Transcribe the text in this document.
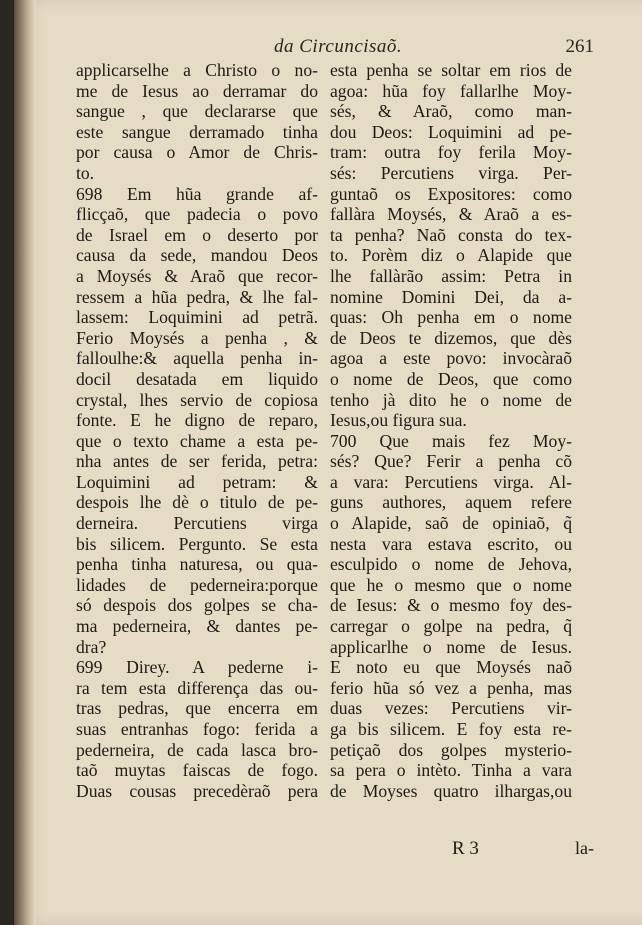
da Circuncisaõ.	261
applicarselhe a Christo o no-
me de Iesus ao derramar do
sangue , que declararse que
este sangue derramado tinha
por causa o Amor de Chris-
to.
698 Em hũa grande af-
flicçaõ, que padecia o povo
de Israel em o deserto por
causa da sede, mandou Deos
a Moysés & Araõ que recor-
ressem a hũa pedra, & lhe fal-
lassem: Loquimini ad petrã.
Ferio Moysés a penha , &
falloulhe:& aquella penha in-
docil desatada em liquido
crystal, lhes servio de copiosa
fonte. E he digno de reparo,
que o texto chame a esta pe-
nha antes de ser ferida, petra:
Loquimini ad petram: &
despois lhe dè o titulo de pe-
derneira. Percutiens virga
bis silicem. Pergunto. Se esta
penha tinha naturesa, ou qua-
lidades de pederneira:porque
só despois dos golpes se cha-
ma pederneira, & dantes pe-
dra?
699 Direy. A pederne i-
ra tem esta differença das ou-
tras pedras, que encerra em
suas entranhas fogo: ferida a
pederneira, de cada lasca bro-
taõ muytas faiscas de fogo.
Duas cousas precedèraõ pera
esta penha se soltar em rios de
agoa: hũa foy fallarlhe Moy-
sés, & Araõ, como man-
dou Deos: Loquimini ad pe-
tram: outra foy ferila Moy-
sés: Percutiens virga. Per-
guntaõ os Expositores: como
fallàra Moysés, & Araõ a es-
ta penha? Naõ consta do tex-
to. Porèm diz o Alapide que
lhe fallàrão assim: Petra in
nomine Domini Dei, da a-
quas: Oh penha em o nome
de Deos te dizemos, que dès
agoa a este povo: invocàraõ
o nome de Deos, que como
tenho jà dito he o nome de
Iesus,ou figura sua.
700 Que mais fez Moy-
sés? Que? Ferir a penha cõ
a vara: Percutiens virga. Al-
guns authores, aquem refere
o Alapide, saõ de opiniaõ, q̃
nesta vara estava escrito, ou
esculpido o nome de Jehova,
que he o mesmo que o nome
de Iesus: & o mesmo foy des-
carregar o golpe na pedra, q̃
applicarlhe o nome de Iesus.
E noto eu que Moysés naõ
ferio hũa só vez a penha, mas
duas vezes: Percutiens vir-
ga bis silicem. E foy esta re-
petiçaõ dos golpes mysterio-
sa pera o intèto. Tinha a vara
de Moyses quatro ilhargas,ou
R 3	la-
